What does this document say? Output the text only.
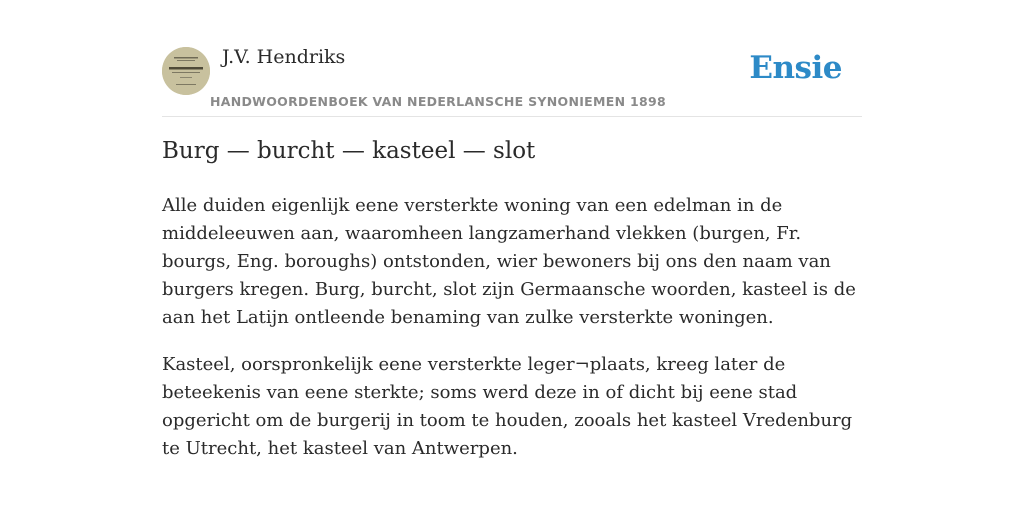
J.V. Hendriks
HANDWOORDENBOEK VAN NEDERLANSCHE SYNONIEMEN 1898
Ensie
Burg — burcht — kasteel — slot

Alle duiden eigenlijk eene versterkte woning van een edelman in de middeleeuwen aan, waaromheen langzamerhand vlekken (burgen, Fr. bourgs, Eng. boroughs) ontstonden, wier bewoners bij ons den naam van burgers kregen. Burg, burcht, slot zijn Germaansche woorden, kasteel is de aan het Latijn ontleende benaming van zulke versterkte woningen.

Kasteel, oorspronkelijk eene versterkte leger¬plaats, kreeg later de beteekenis van eene sterkte; soms werd deze in of dicht bij eene stad opgericht om de burgerij in toom te houden, zooals het kasteel Vredenburg te Utrecht, het kasteel van Antwerpen.
